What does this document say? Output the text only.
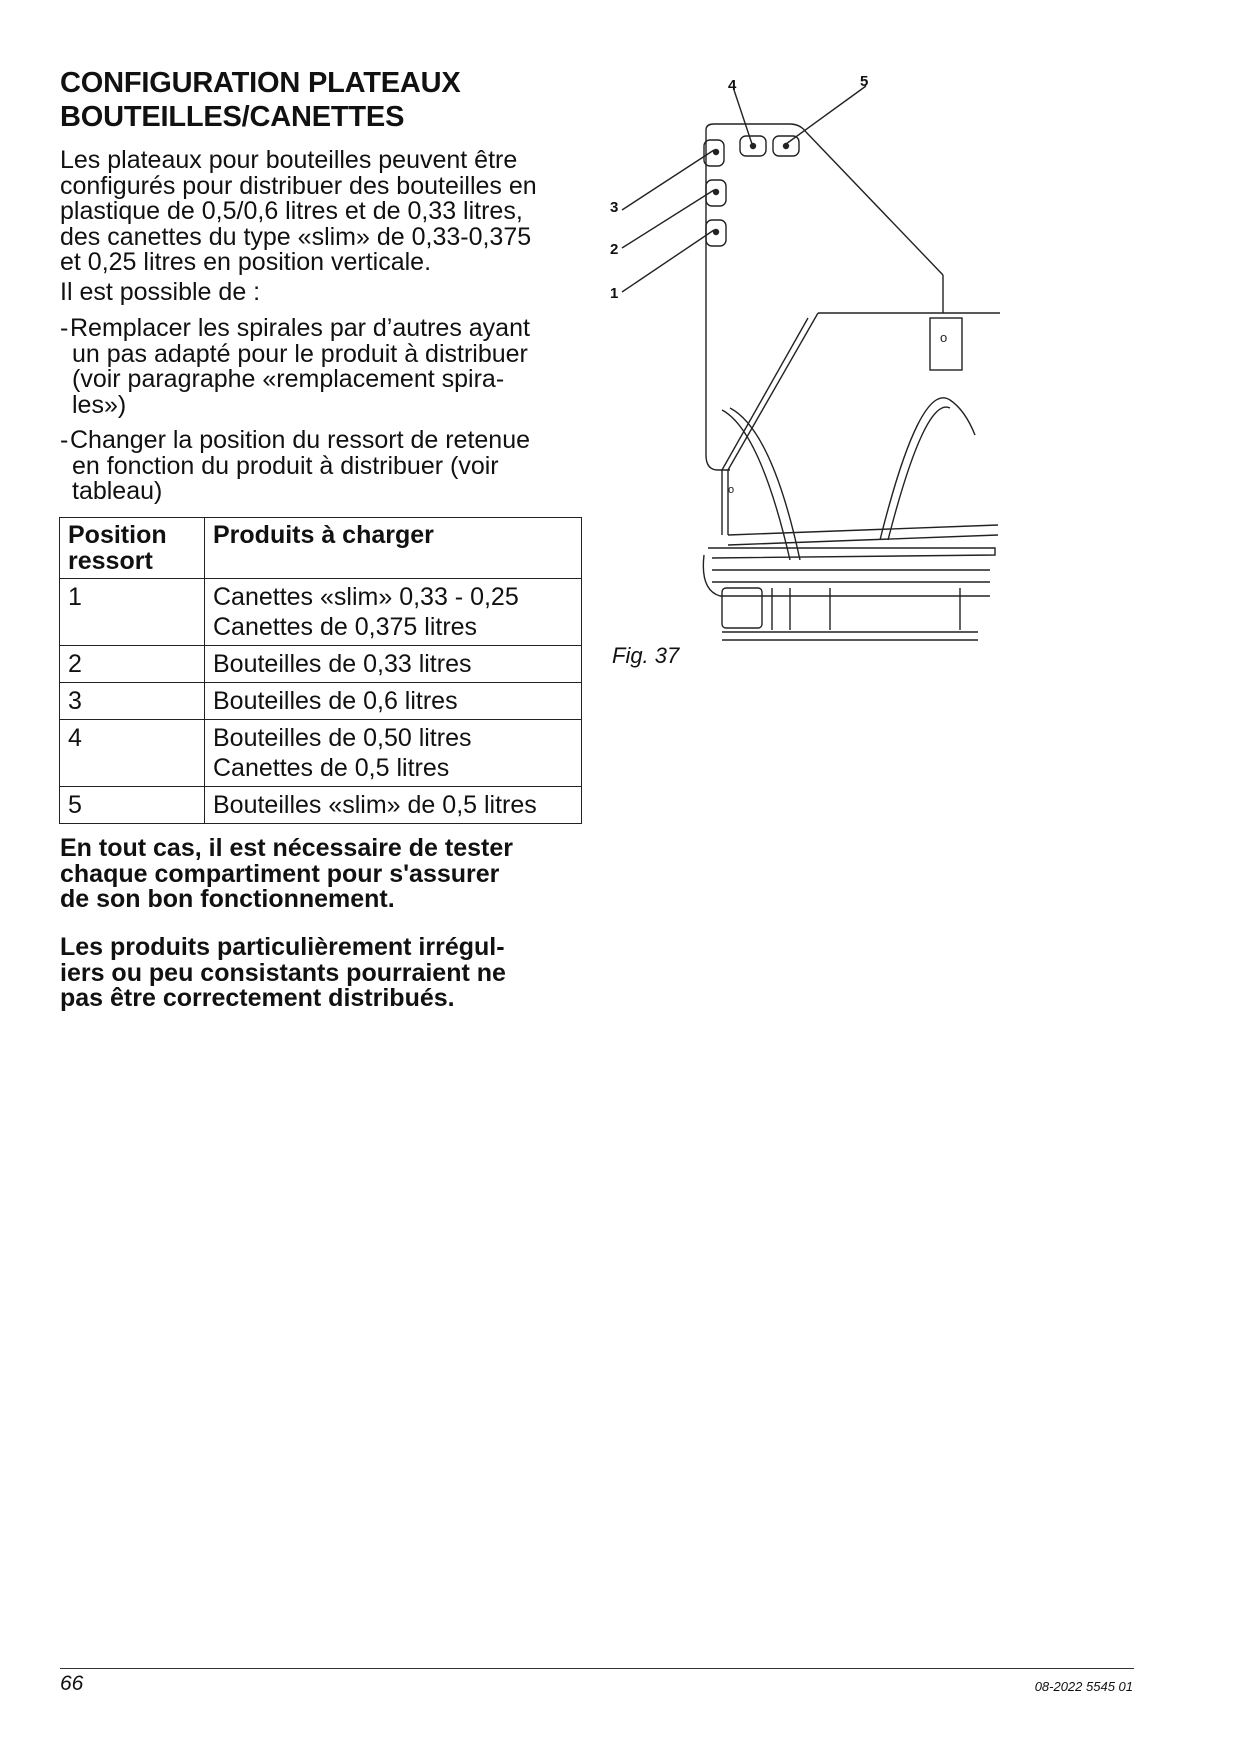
CONFIGURATION PLATEAUX
BOUTEILLES/CANETTES
Les plateaux pour bouteilles peuvent être
configurés pour distribuer des bouteilles en
plastique de 0,5/0,6 litres et de 0,33 litres,
des canettes du type «slim» de 0,33-0,375
et 0,25 litres en position verticale.
Il est possible de :
- Remplacer les spirales par d’autres ayant
un pas adapté pour le produit à distribuer
(voir paragraphe «remplacement spira-
les»)
- Changer la position du ressort de retenue
en fonction du produit à distribuer (voir
tableau)
Position
ressort	Produits à charger
1	Canettes «slim» 0,33 - 0,25
Canettes de 0,375 litres

2	Bouteilles de 0,33 litres

3	Bouteilles de 0,6 litres

4	Bouteilles de 0,50 litres
Canettes de 0,5 litres

5	Bouteilles «slim» de 0,5 litres
En tout cas, il est nécessaire de tester
chaque compartiment pour s'assurer
de son bon fonctionnement.
Les produits particulièrement irrégul-
iers ou peu consistants pourraient ne
pas être correctement distribués.
o
o
1
2
3
4	5
Fig. 37
66	08-2022 5545 01
